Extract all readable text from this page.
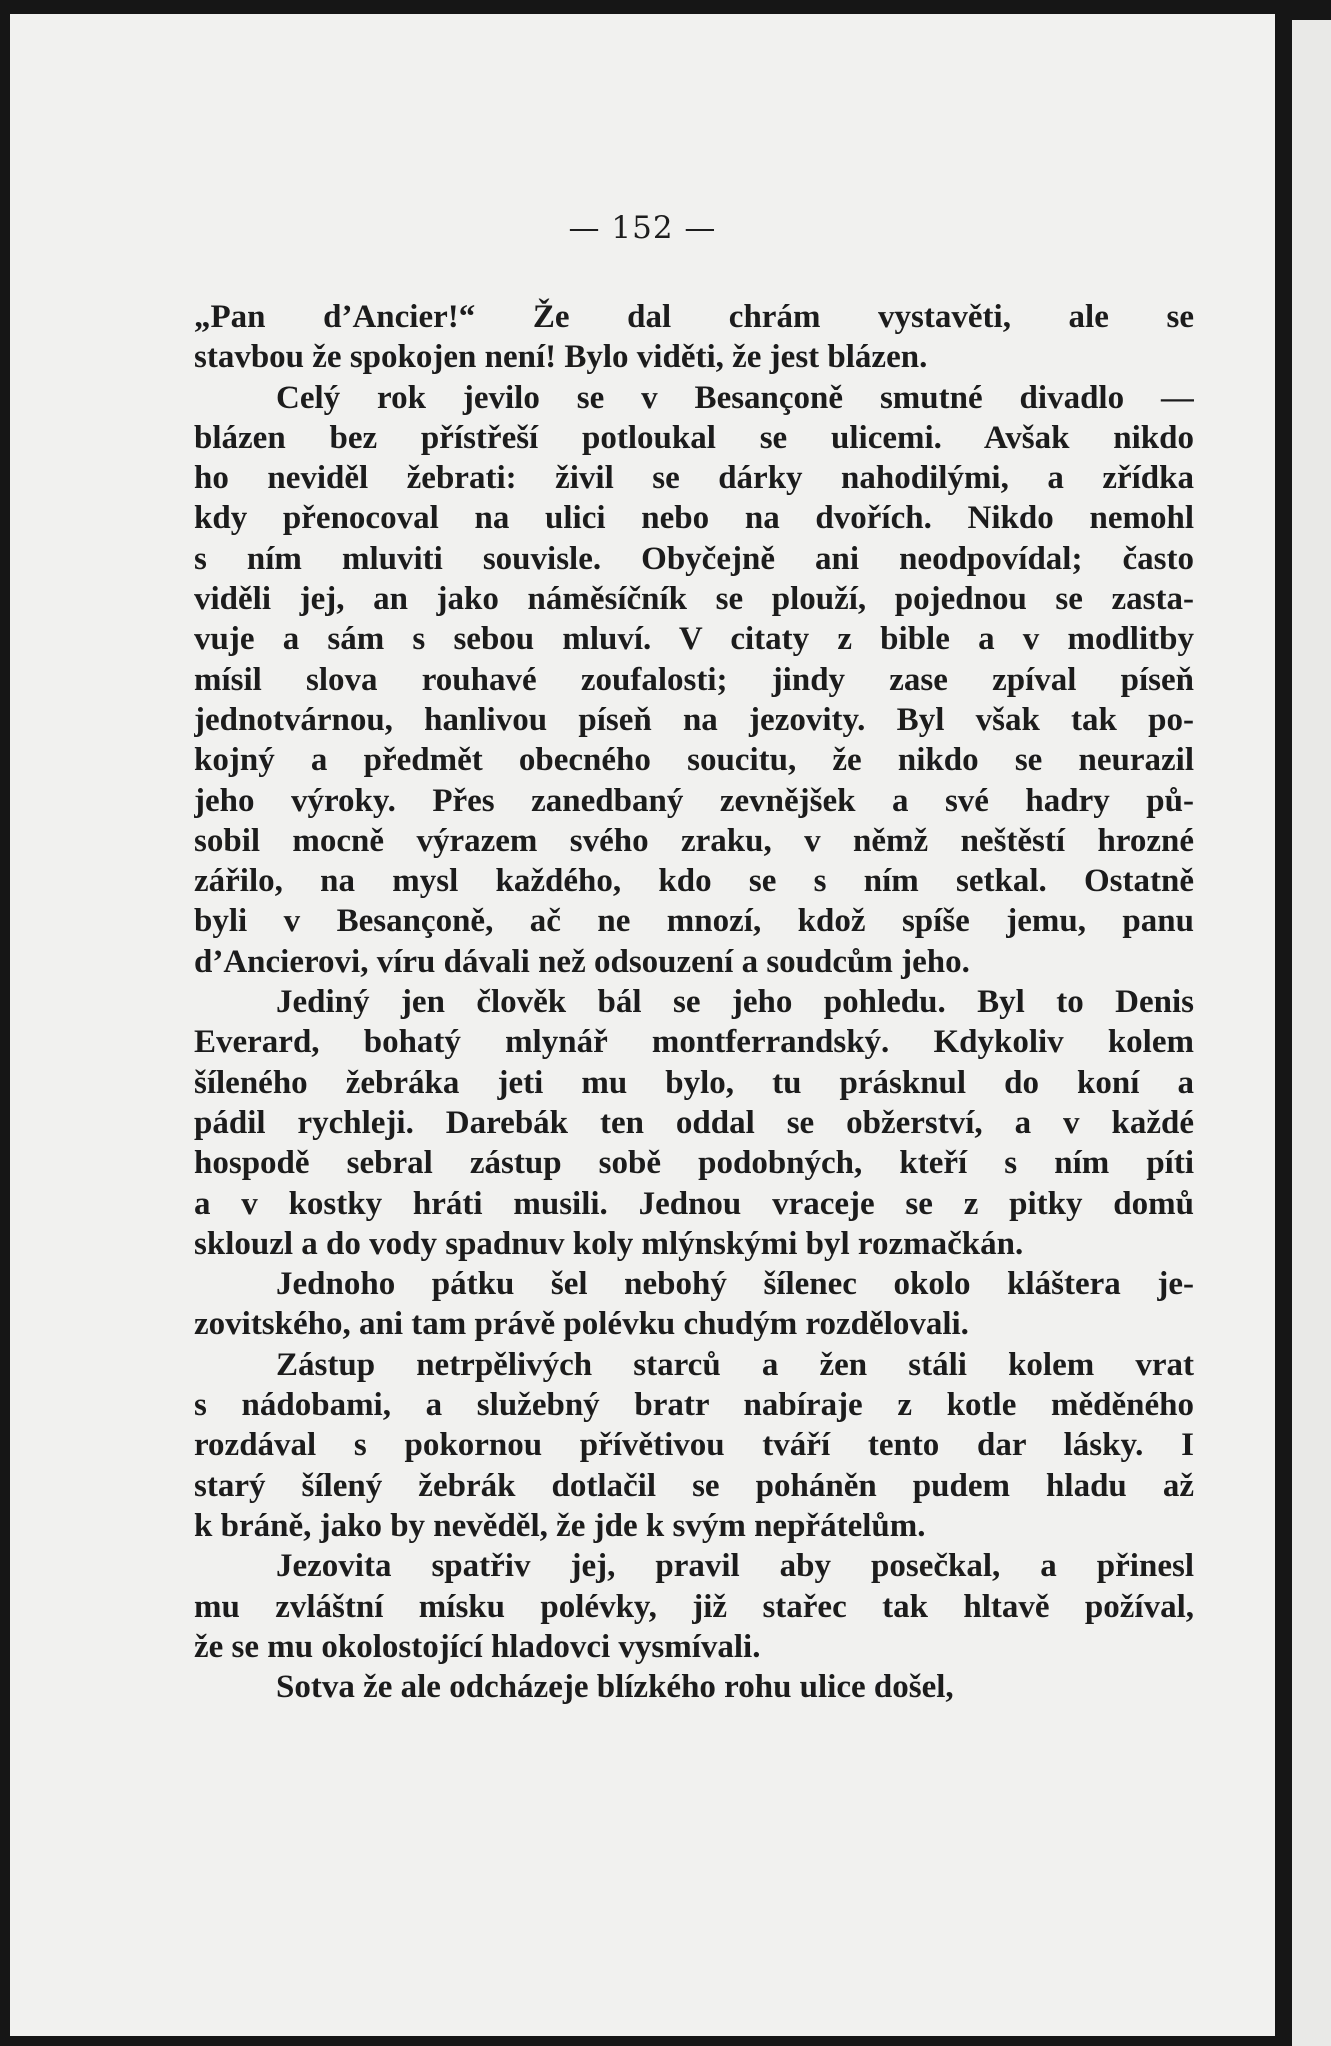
— 152 —
„Pan d’Ancier!“ Že dal chrám vystavěti, ale se
stavbou že spokojen není! Bylo viděti, že jest blázen.
Celý rok jevilo se v Besançoně smutné divadlo —
blázen bez přístřeší potloukal se ulicemi. Avšak nikdo
ho neviděl žebrati: živil se dárky nahodilými, a zřídka
kdy přenocoval na ulici nebo na dvořích. Nikdo nemohl
s ním mluviti souvisle. Obyčejně ani neodpovídal; často
viděli jej, an jako náměsíčník se plouží, pojednou se zasta-
vuje a sám s sebou mluví. V citaty z bible a v modlitby
mísil slova rouhavé zoufalosti; jindy zase zpíval píseň
jednotvárnou, hanlivou píseň na jezovity. Byl však tak po-
kojný a předmět obecného soucitu, že nikdo se neurazil
jeho výroky. Přes zanedbaný zevnějšek a své hadry pů-
sobil mocně výrazem svého zraku, v němž neštěstí hrozné
zářilo, na mysl každého, kdo se s ním setkal. Ostatně
byli v Besançoně, ač ne mnozí, kdož spíše jemu, panu
d’Ancierovi, víru dávali než odsouzení a soudcům jeho.
Jediný jen člověk bál se jeho pohledu. Byl to Denis
Everard, bohatý mlynář montferrandský. Kdykoliv kolem
šíleného žebráka jeti mu bylo, tu prásknul do koní a
pádil rychleji. Darebák ten oddal se obžerství, a v každé
hospodě sebral zástup sobě podobných, kteří s ním píti
a v kostky hráti musili. Jednou vraceje se z pitky domů
sklouzl a do vody spadnuv koly mlýnskými byl rozmačkán.
Jednoho pátku šel nebohý šílenec okolo kláštera je-
zovitského, ani tam právě polévku chudým rozdělovali.
Zástup netrpělivých starců a žen stáli kolem vrat
s nádobami, a služebný bratr nabíraje z kotle měděného
rozdával s pokornou přívětivou tváří tento dar lásky. I
starý šílený žebrák dotlačil se poháněn pudem hladu až
k bráně, jako by nevěděl, že jde k svým nepřátelům.
Jezovita spatřiv jej, pravil aby posečkal, a přinesl
mu zvláštní mísku polévky, již stařec tak hltavě požíval,
že se mu okolostojící hladovci vysmívali.
Sotva že ale odcházeje blízkého rohu ulice došel,
